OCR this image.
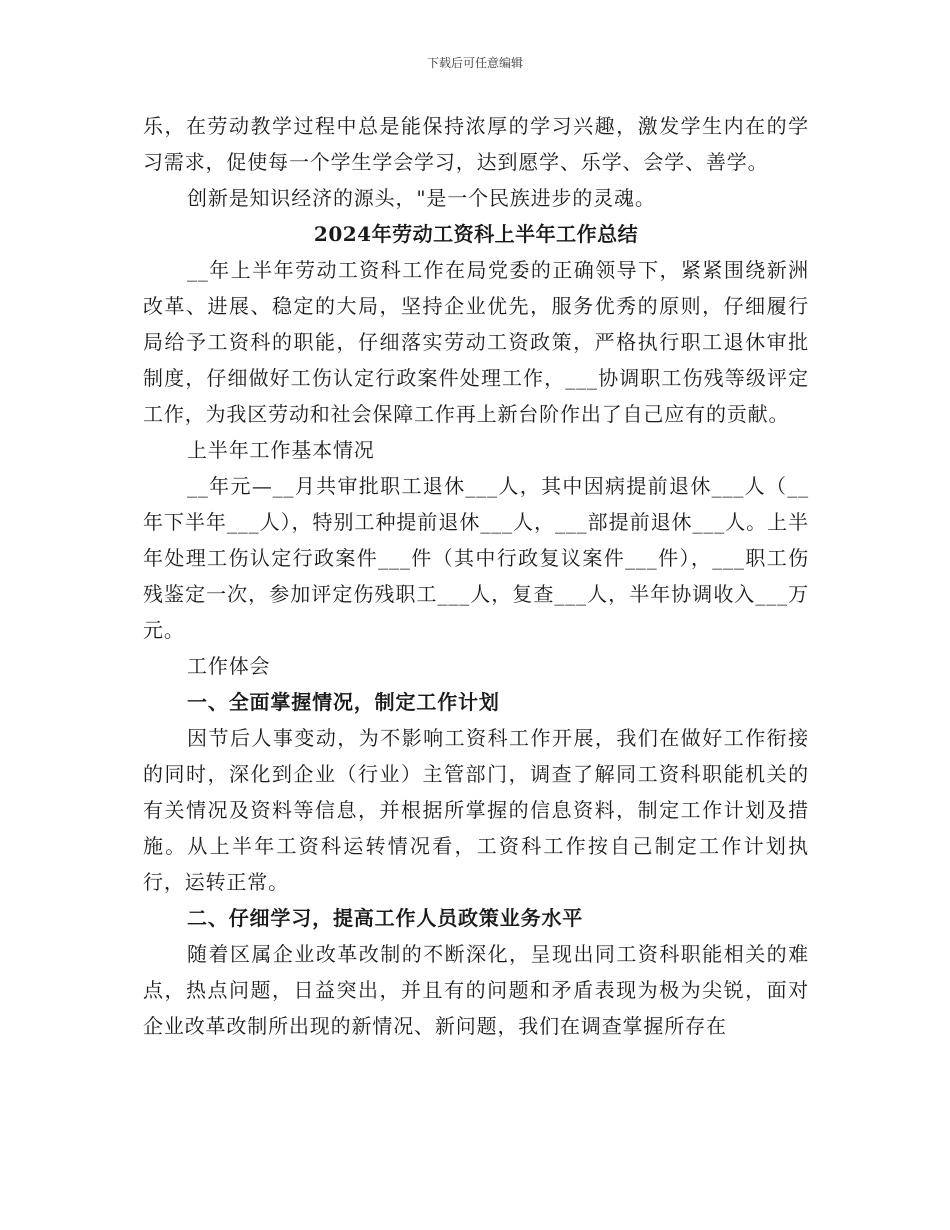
下载后可任意编辑

乐，在劳动教学过程中总是能保持浓厚的学习兴趣，激发学生内在的学习需求，促使每一个学生学会学习，达到愿学、乐学、会学、善学。

创新是知识经济的源头，"是一个民族进步的灵魂。

2024年劳动工资科上半年工作总结

__年上半年劳动工资科工作在局党委的正确领导下，紧紧围绕新洲改革、进展、稳定的大局，坚持企业优先，服务优秀的原则，仔细履行局给予工资科的职能，仔细落实劳动工资政策，严格执行职工退休审批制度，仔细做好工伤认定行政案件处理工作，___协调职工伤残等级评定工作，为我区劳动和社会保障工作再上新台阶作出了自己应有的贡献。

上半年工作基本情况

__年元—__月共审批职工退休___人，其中因病提前退休___人（__年下半年___人），特别工种提前退休___人，___部提前退休___人。上半年处理工伤认定行政案件___件（其中行政复议案件___件），___职工伤残鉴定一次，参加评定伤残职工___人，复查___人，半年协调收入___万元。

工作体会

一、全面掌握情况，制定工作计划

因节后人事变动，为不影响工资科工作开展，我们在做好工作衔接的同时，深化到企业（行业）主管部门，调查了解同工资科职能机关的有关情况及资料等信息，并根据所掌握的信息资料，制定工作计划及措施。从上半年工资科运转情况看，工资科工作按自己制定工作计划执行，运转正常。

二、仔细学习，提高工作人员政策业务水平

随着区属企业改革改制的不断深化，呈现出同工资科职能相关的难点，热点问题，日益突出，并且有的问题和矛盾表现为极为尖锐，面对企业改革改制所出现的新情况、新问题，我们在调查掌握所存在
